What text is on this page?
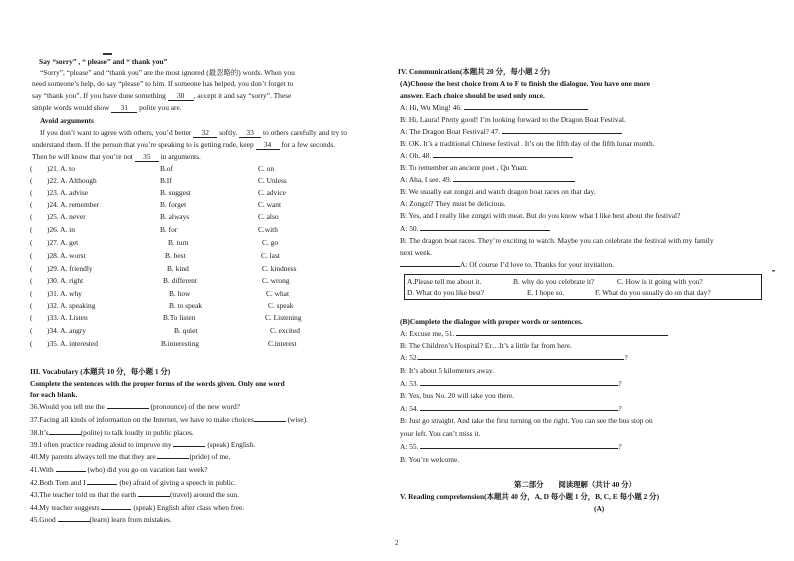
Say “sorry” , “ please” and “ thank you”
“Sorry”, “please” and “thank you” are the most ignored (最忽略的) words. When you
need someone’s help, do say “please” to him. If someone has helped, you don’t forget to
say “thank you”. If you have done something 30 , accept it and say “sorry”. These
simple words would show 31 polite you are.
Avoid arguments
If you don’t want to agree with others, you’d better 32 softly. 33 to others carefully and try to
understand them. If the person that you’re speaking to is getting rude, keep 34 for a few seconds.
Then he will know that you’re not 35 in arguments.
( )21. A. to	B.of	C. on
( )22. A. Although	B.If	C. Unless
( )23. A. advise	B. suggest	C. advice
( )24. A. remember	B. forget	C. want
( )25. A. never	B. always	C. also
( )26. A. in	B. for	C.with
( )27. A. get	B. turn	C. go
( )28. A. worst	B. best	C. last
( )29. A. friendly	B. kind	C. kindness
( )30. A. right	B. different	C. wrong
( )31. A. why	B. how	C. what
( )32. A. speaking	B. to speak	C. speak
( )33. A. Listen	B.To listen	C. Listening
( )34. A. angry	B. quiet	C. excited
( )35. A. interested	B.interesting	C.interest
III. Vocabulary (本题共 10 分，每小题 1 分)
Complete the sentences with the proper forms of the words given. Only one word
for each blank.
36.Would you tell me the	(pronounce) of the new word?
37.Facing all kinds of information on the Internet, we have to make choices	(wise).
38.It’s	(polite) to talk loudly in public places.
39.I often practice reading aloud to improve my	(speak) English.
40.My parents always tell me that they are	(pride) of me.
41.With	(who) did you go on vacation last week?
42.Both Tom and I	(be) afraid of giving a speech in public.
43.The teacher told us that the earth	(travel) around the sun.
44.My teacher suggests	(speak) English after class when free.
45.Good	(learn) learn from mistakes.
IV. Communication(本题共 20 分，每小题 2 分)
(A)Choose the best choice from A to F to finish the dialogue. You have one more
answer. Each choice should be used only once.
A: Hi, Wu Ming! 46.
B: Hi, Laura! Pretty good! I’m looking forward to the Dragon Boat Festival.
A: The Dragon Boat Festival? 47.
B: OK. It’s a traditional Chinese festival . It’s on the fifth day of the fifth lunar month.
A: Oh, 48.
B: To remember an ancient poet , Qu Yuan.
A: Aha, I see. 49.
B: We usually eat zongzi and watch dragon boat races on that day.
A: Zongzi? They must be delicious.
B: Yes, and I really like zongzi with meat. But do you know what I like best about the festival?
A: 50.
B: The dragon boat races. They’re exciting to watch. Maybe you can celebrate the festival with my family
next week.
A: Of course I’d love to. Thanks for your invitation.
A.Please tell me about it.	B. why do you celebrate it?	C. How is it going with you?
D. What do you like best?	E. I hope so.	F. What do you usually do on that day?
(B)Complete the dialogue with proper words or sentences.
A: Excuse me, 51.
B: The Children’s Hospital? Er…It’s a little far from here.
A: 52.	?
B: It’s about 5 kilometers away.
A: 53.	?
B: Yes, bus No. 20 will take you there.
A: 54.	?
B: Just go straight. And take the first turning on the right. You can see the bus stop on
your left. You can’t miss it.
A: 55.	?
B: You’re welcome.
第二部分　　阅读理解（共计 40 分）
V. Reading comprehension(本题共 40 分，A, D 每小题 1 分，B, C, E 每小题 2 分)
(A)
2
